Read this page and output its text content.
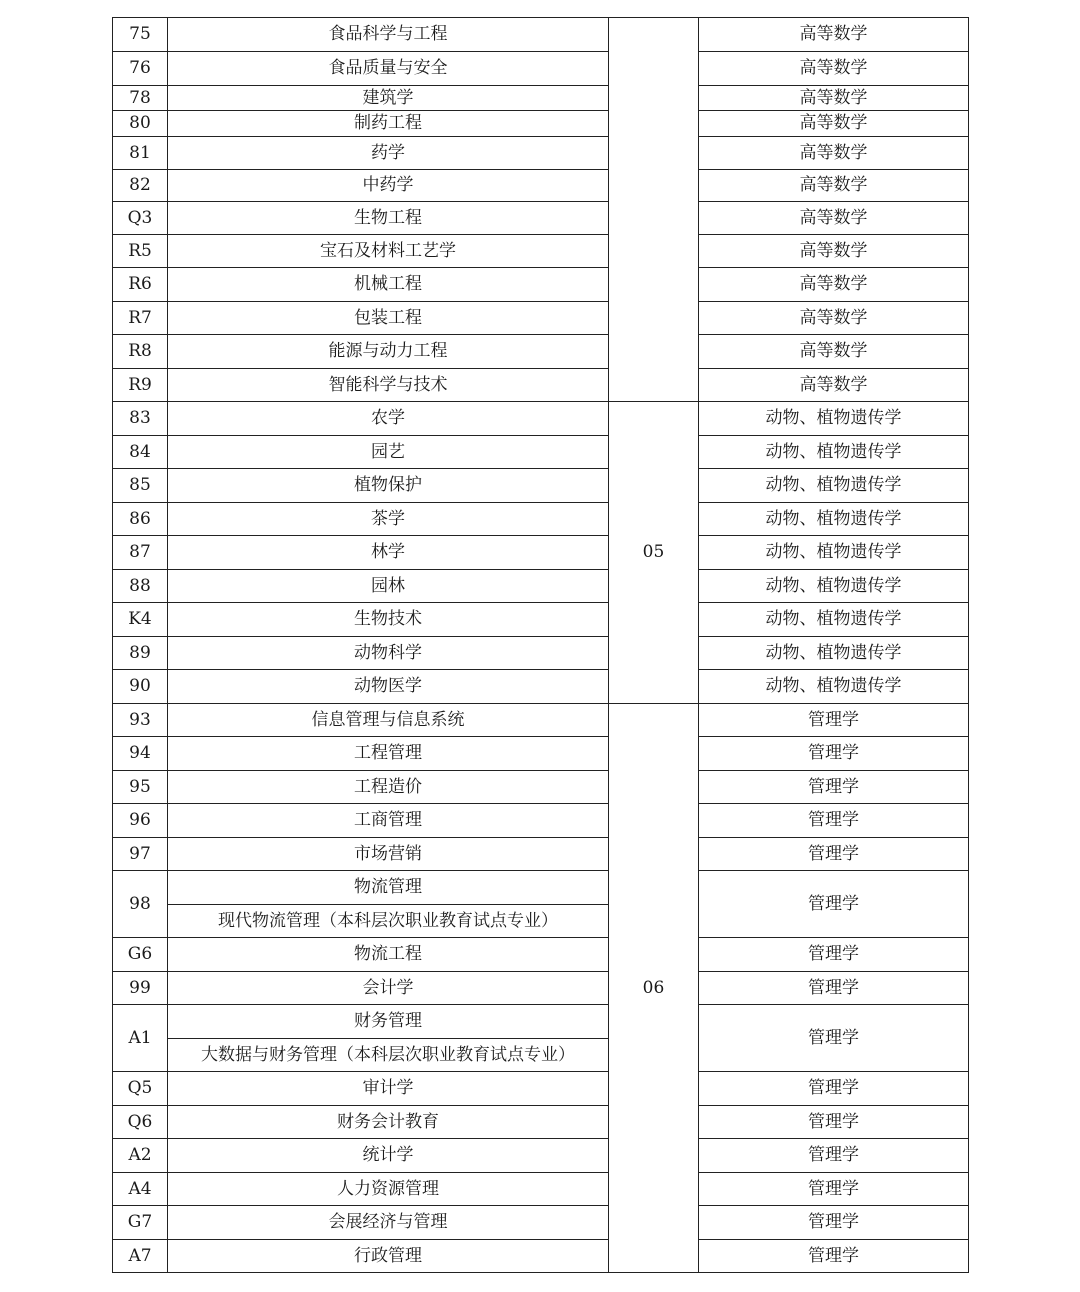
75	食品科学与工程		高等数学
76	食品质量与安全		高等数学
78	建筑学		高等数学
80	制药工程		高等数学
81	药学		高等数学
82	中药学		高等数学
Q3	生物工程		高等数学
R5	宝石及材料工艺学		高等数学
R6	机械工程		高等数学
R7	包装工程		高等数学
R8	能源与动力工程		高等数学
R9	智能科学与技术		高等数学
83	农学	05	动物、植物遗传学
84	园艺		动物、植物遗传学
85	植物保护		动物、植物遗传学
86	茶学		动物、植物遗传学
87	林学		动物、植物遗传学
88	园林		动物、植物遗传学
K4	生物技术		动物、植物遗传学
89	动物科学		动物、植物遗传学
90	动物医学		动物、植物遗传学
93	信息管理与信息系统	06	管理学
94	工程管理		管理学
95	工程造价		管理学
96	工商管理		管理学
97	市场营销		管理学
98	物流管理		管理学
	现代物流管理（本科层次职业教育试点专业）		
G6	物流工程		管理学
99	会计学		管理学
A1	财务管理		管理学
	大数据与财务管理（本科层次职业教育试点专业）		
Q5	审计学		管理学
Q6	财务会计教育		管理学
A2	统计学		管理学
A4	人力资源管理		管理学
G7	会展经济与管理		管理学
A7	行政管理		管理学
